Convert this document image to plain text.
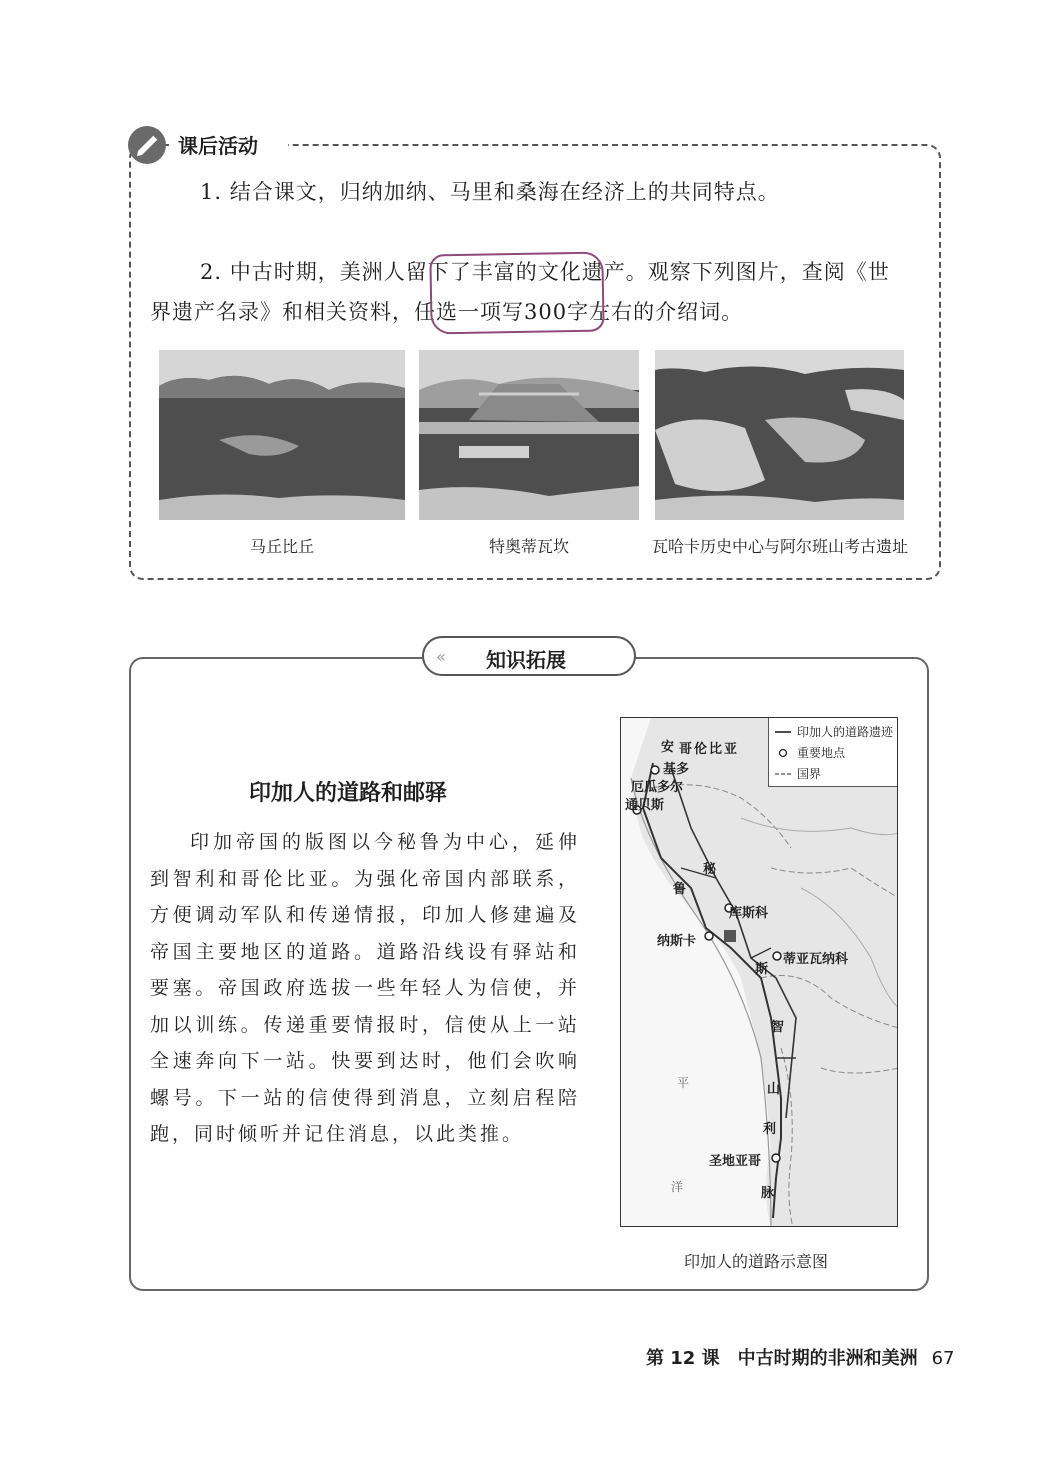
课后活动
1. 结合课文，归纳加纳、马里和桑海在经济上的共同特点。
2. 中古时期，美洲人留下了丰富的文化遗产。观察下列图片，查阅《世
界遗产名录》和相关资料，任选一项写300字左右的介绍词。
马丘比丘	特奥蒂瓦坎	瓦哈卡历史中心与阿尔班山考古遗址
« 知识拓展
印加人的道路和邮驿
印加帝国的版图以今秘鲁为中心，延伸到智利和哥伦比亚。为强化帝国内部联系，方便调动军队和传递情报，印加人修建遍及帝国主要地区的道路。道路沿线设有驿站和要塞。帝国政府选拔一些年轻人为信使，并加以训练。传递重要情报时，信使从上一站全速奔向下一站。快要到达时，他们会吹响螺号。下一站的信使得到消息，立刻启程陪跑，同时倾听并记住消息，以此类推。
安 哥伦比亚
基多
厄瓜多尔
通贝斯
秘
鲁
库斯科
纳斯卡
蒂亚瓦纳科
斯
智
山
利
圣地亚哥
脉
平
洋
印加人的道路遗迹
重要地点
国界
印加人的道路示意图
第 12 课　中古时期的非洲和美洲 67
